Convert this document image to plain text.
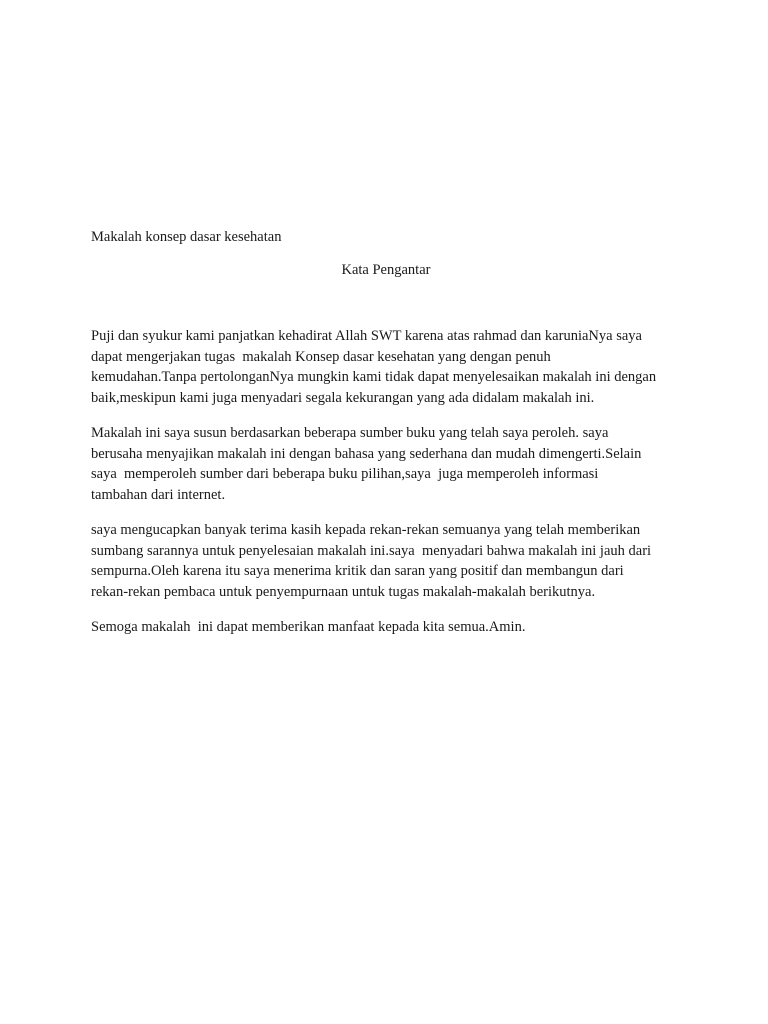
Makalah konsep dasar kesehatan
Kata Pengantar

Puji dan syukur kami panjatkan kehadirat Allah SWT karena atas rahmad dan karuniaNya saya
dapat mengerjakan tugas  makalah Konsep dasar kesehatan yang dengan penuh
kemudahan.Tanpa pertolonganNya mungkin kami tidak dapat menyelesaikan makalah ini dengan
baik,meskipun kami juga menyadari segala kekurangan yang ada didalam makalah ini.

Makalah ini saya susun berdasarkan beberapa sumber buku yang telah saya peroleh. saya
berusaha menyajikan makalah ini dengan bahasa yang sederhana dan mudah dimengerti.Selain
saya  memperoleh sumber dari beberapa buku pilihan,saya  juga memperoleh informasi
tambahan dari internet.

saya mengucapkan banyak terima kasih kepada rekan-rekan semuanya yang telah memberikan
sumbang sarannya untuk penyelesaian makalah ini.saya  menyadari bahwa makalah ini jauh dari
sempurna.Oleh karena itu saya menerima kritik dan saran yang positif dan membangun dari
rekan-rekan pembaca untuk penyempurnaan untuk tugas makalah-makalah berikutnya.

Semoga makalah  ini dapat memberikan manfaat kepada kita semua.Amin.
